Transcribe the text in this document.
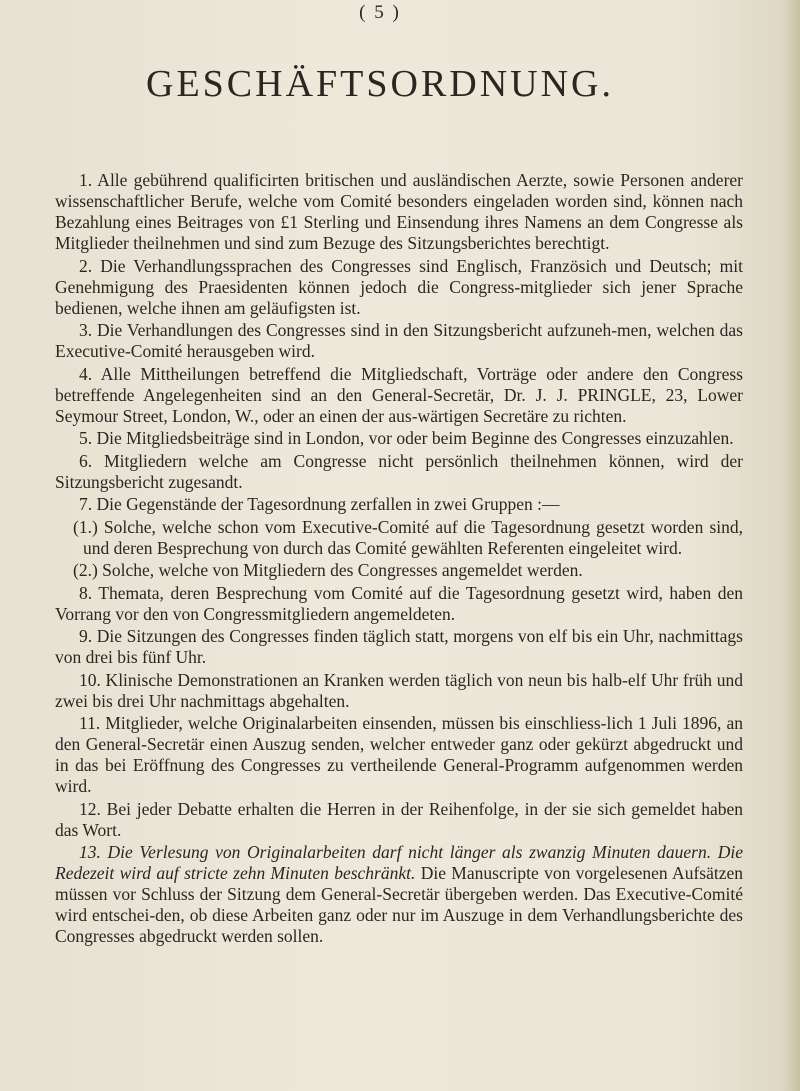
( 5 )
GESCHÄFTSORDNUNG.

1. Alle gebührend qualificirten britischen und ausländischen Aerzte, sowie Personen anderer wissenschaftlicher Berufe, welche vom Comité besonders eingeladen worden sind, können nach Bezahlung eines Beitrages von £1 Sterling und Einsendung ihres Namens an dem Congresse als Mitglieder theilnehmen und sind zum Bezuge des Sitzungsberichtes berechtigt.

2. Die Verhandlungssprachen des Congresses sind Englisch, Französich und Deutsch; mit Genehmigung des Praesidenten können jedoch die Congress-mitglieder sich jener Sprache bedienen, welche ihnen am geläufigsten ist.

3. Die Verhandlungen des Congresses sind in den Sitzungsbericht aufzuneh-men, welchen das Executive-Comité herausgeben wird.

4. Alle Mittheilungen betreffend die Mitgliedschaft, Vorträge oder andere den Congress betreffende Angelegenheiten sind an den General-Secretär, Dr. J. J. PRINGLE, 23, Lower Seymour Street, London, W., oder an einen der aus-wärtigen Secretäre zu richten.

5. Die Mitgliedsbeiträge sind in London, vor oder beim Beginne des Congresses einzuzahlen.

6. Mitgliedern welche am Congresse nicht persönlich theilnehmen können, wird der Sitzungsbericht zugesandt.

7. Die Gegenstände der Tagesordnung zerfallen in zwei Gruppen :—

(1.) Solche, welche schon vom Executive-Comité auf die Tagesordnung gesetzt worden sind, und deren Besprechung von durch das Comité gewählten Referenten eingeleitet wird.

(2.) Solche, welche von Mitgliedern des Congresses angemeldet werden.

8. Themata, deren Besprechung vom Comité auf die Tagesordnung gesetzt wird, haben den Vorrang vor den von Congressmitgliedern angemeldeten.

9. Die Sitzungen des Congresses finden täglich statt, morgens von elf bis ein Uhr, nachmittags von drei bis fünf Uhr.

10. Klinische Demonstrationen an Kranken werden täglich von neun bis halb-elf Uhr früh und zwei bis drei Uhr nachmittags abgehalten.

11. Mitglieder, welche Originalarbeiten einsenden, müssen bis einschliess-lich 1 Juli 1896, an den General-Secretär einen Auszug senden, welcher entweder ganz oder gekürzt abgedruckt und in das bei Eröffnung des Congresses zu vertheilende General-Programm aufgenommen werden wird.

12. Bei jeder Debatte erhalten die Herren in der Reihenfolge, in der sie sich gemeldet haben das Wort.

13. Die Verlesung von Originalarbeiten darf nicht länger als zwanzig Minuten dauern. Die Redezeit wird auf stricte zehn Minuten beschränkt. Die Manuscripte von vorgelesenen Aufsätzen müssen vor Schluss der Sitzung dem General-Secretär übergeben werden. Das Executive-Comité wird entschei-den, ob diese Arbeiten ganz oder nur im Auszuge in dem Verhandlungsberichte des Congresses abgedruckt werden sollen.
